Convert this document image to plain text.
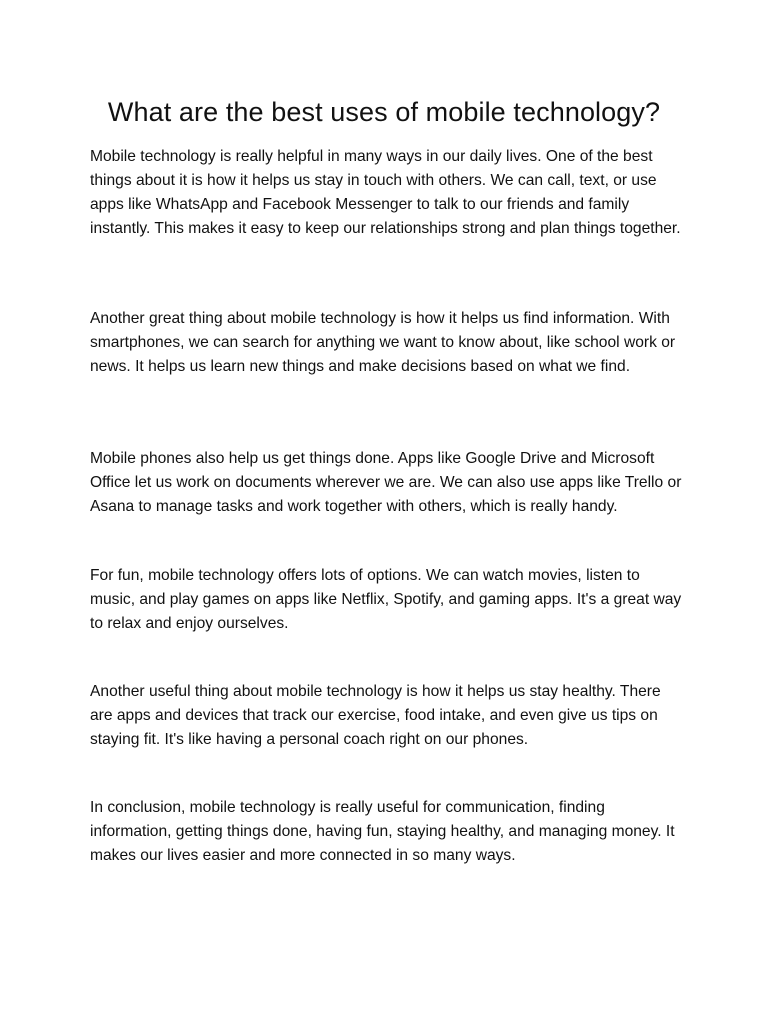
What are the best uses of mobile technology?

Mobile technology is really helpful in many ways in our daily lives. One of the best things about it is how it helps us stay in touch with others. We can call, text, or use apps like WhatsApp and Facebook Messenger to talk to our friends and family instantly. This makes it easy to keep our relationships strong and plan things together.

Another great thing about mobile technology is how it helps us find information. With smartphones, we can search for anything we want to know about, like school work or news. It helps us learn new things and make decisions based on what we find.

Mobile phones also help us get things done. Apps like Google Drive and Microsoft Office let us work on documents wherever we are. We can also use apps like Trello or Asana to manage tasks and work together with others, which is really handy.

For fun, mobile technology offers lots of options. We can watch movies, listen to music, and play games on apps like Netflix, Spotify, and gaming apps. It's a great way to relax and enjoy ourselves.

Another useful thing about mobile technology is how it helps us stay healthy. There are apps and devices that track our exercise, food intake, and even give us tips on staying fit. It's like having a personal coach right on our phones.

In conclusion, mobile technology is really useful for communication, finding information, getting things done, having fun, staying healthy, and managing money. It makes our lives easier and more connected in so many ways.
